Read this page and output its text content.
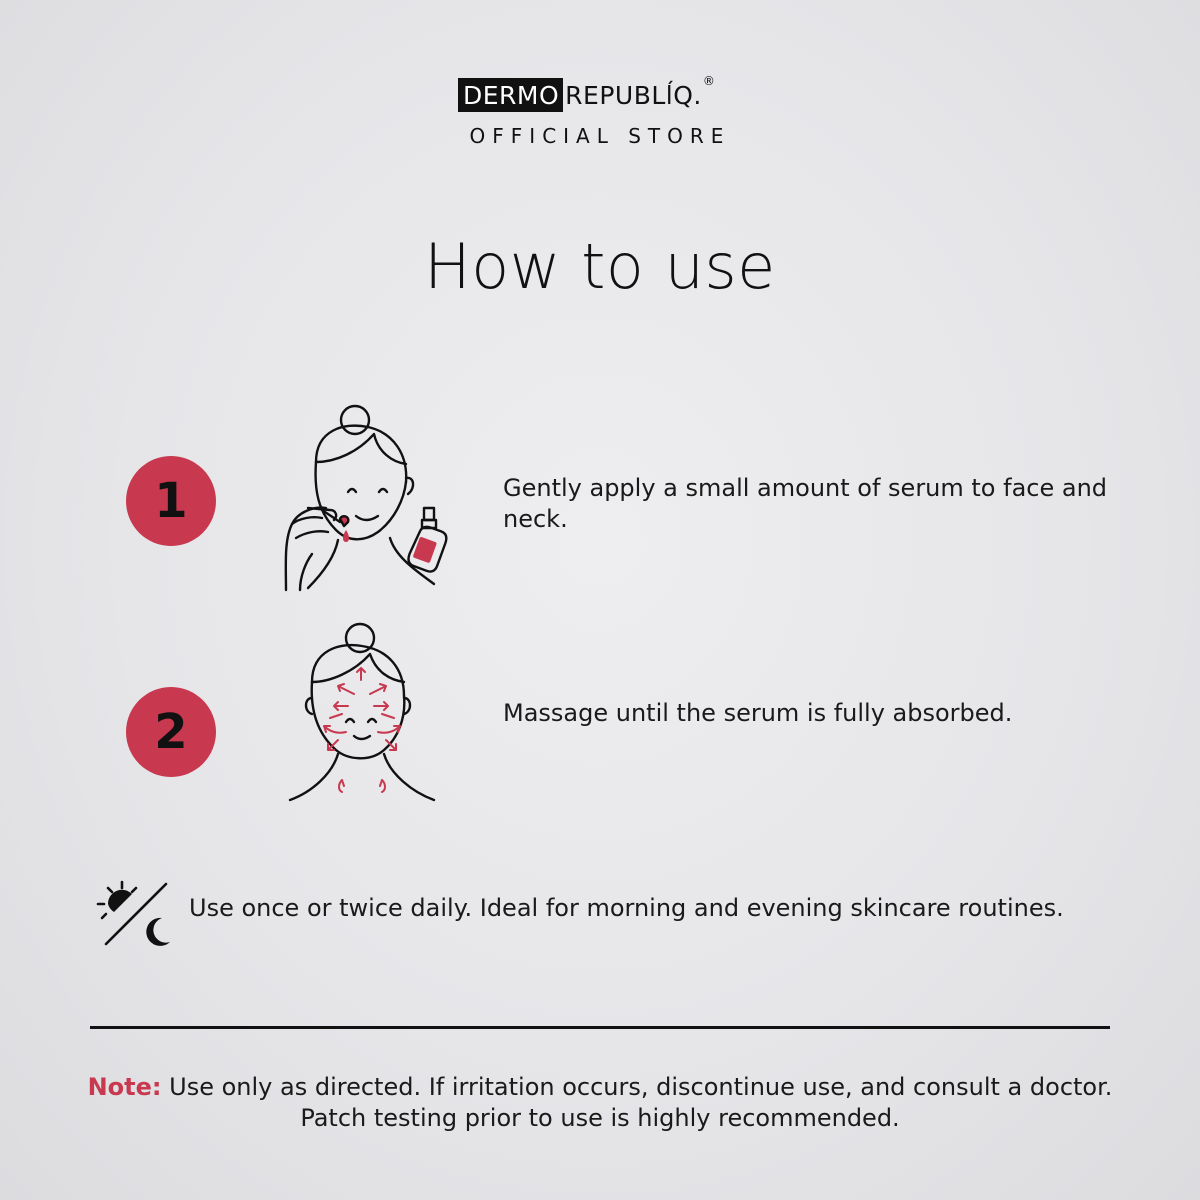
DERMO REPUBLĺQ.®
OFFICIAL STORE
How to use
1	Gently apply a small amount of serum to face and neck.
2	Massage until the serum is fully absorbed.
Use once or twice daily. Ideal for morning and evening skincare routines.
Note: Use only as directed. If irritation occurs, discontinue use, and consult a doctor.
Patch testing prior to use is highly recommended.
